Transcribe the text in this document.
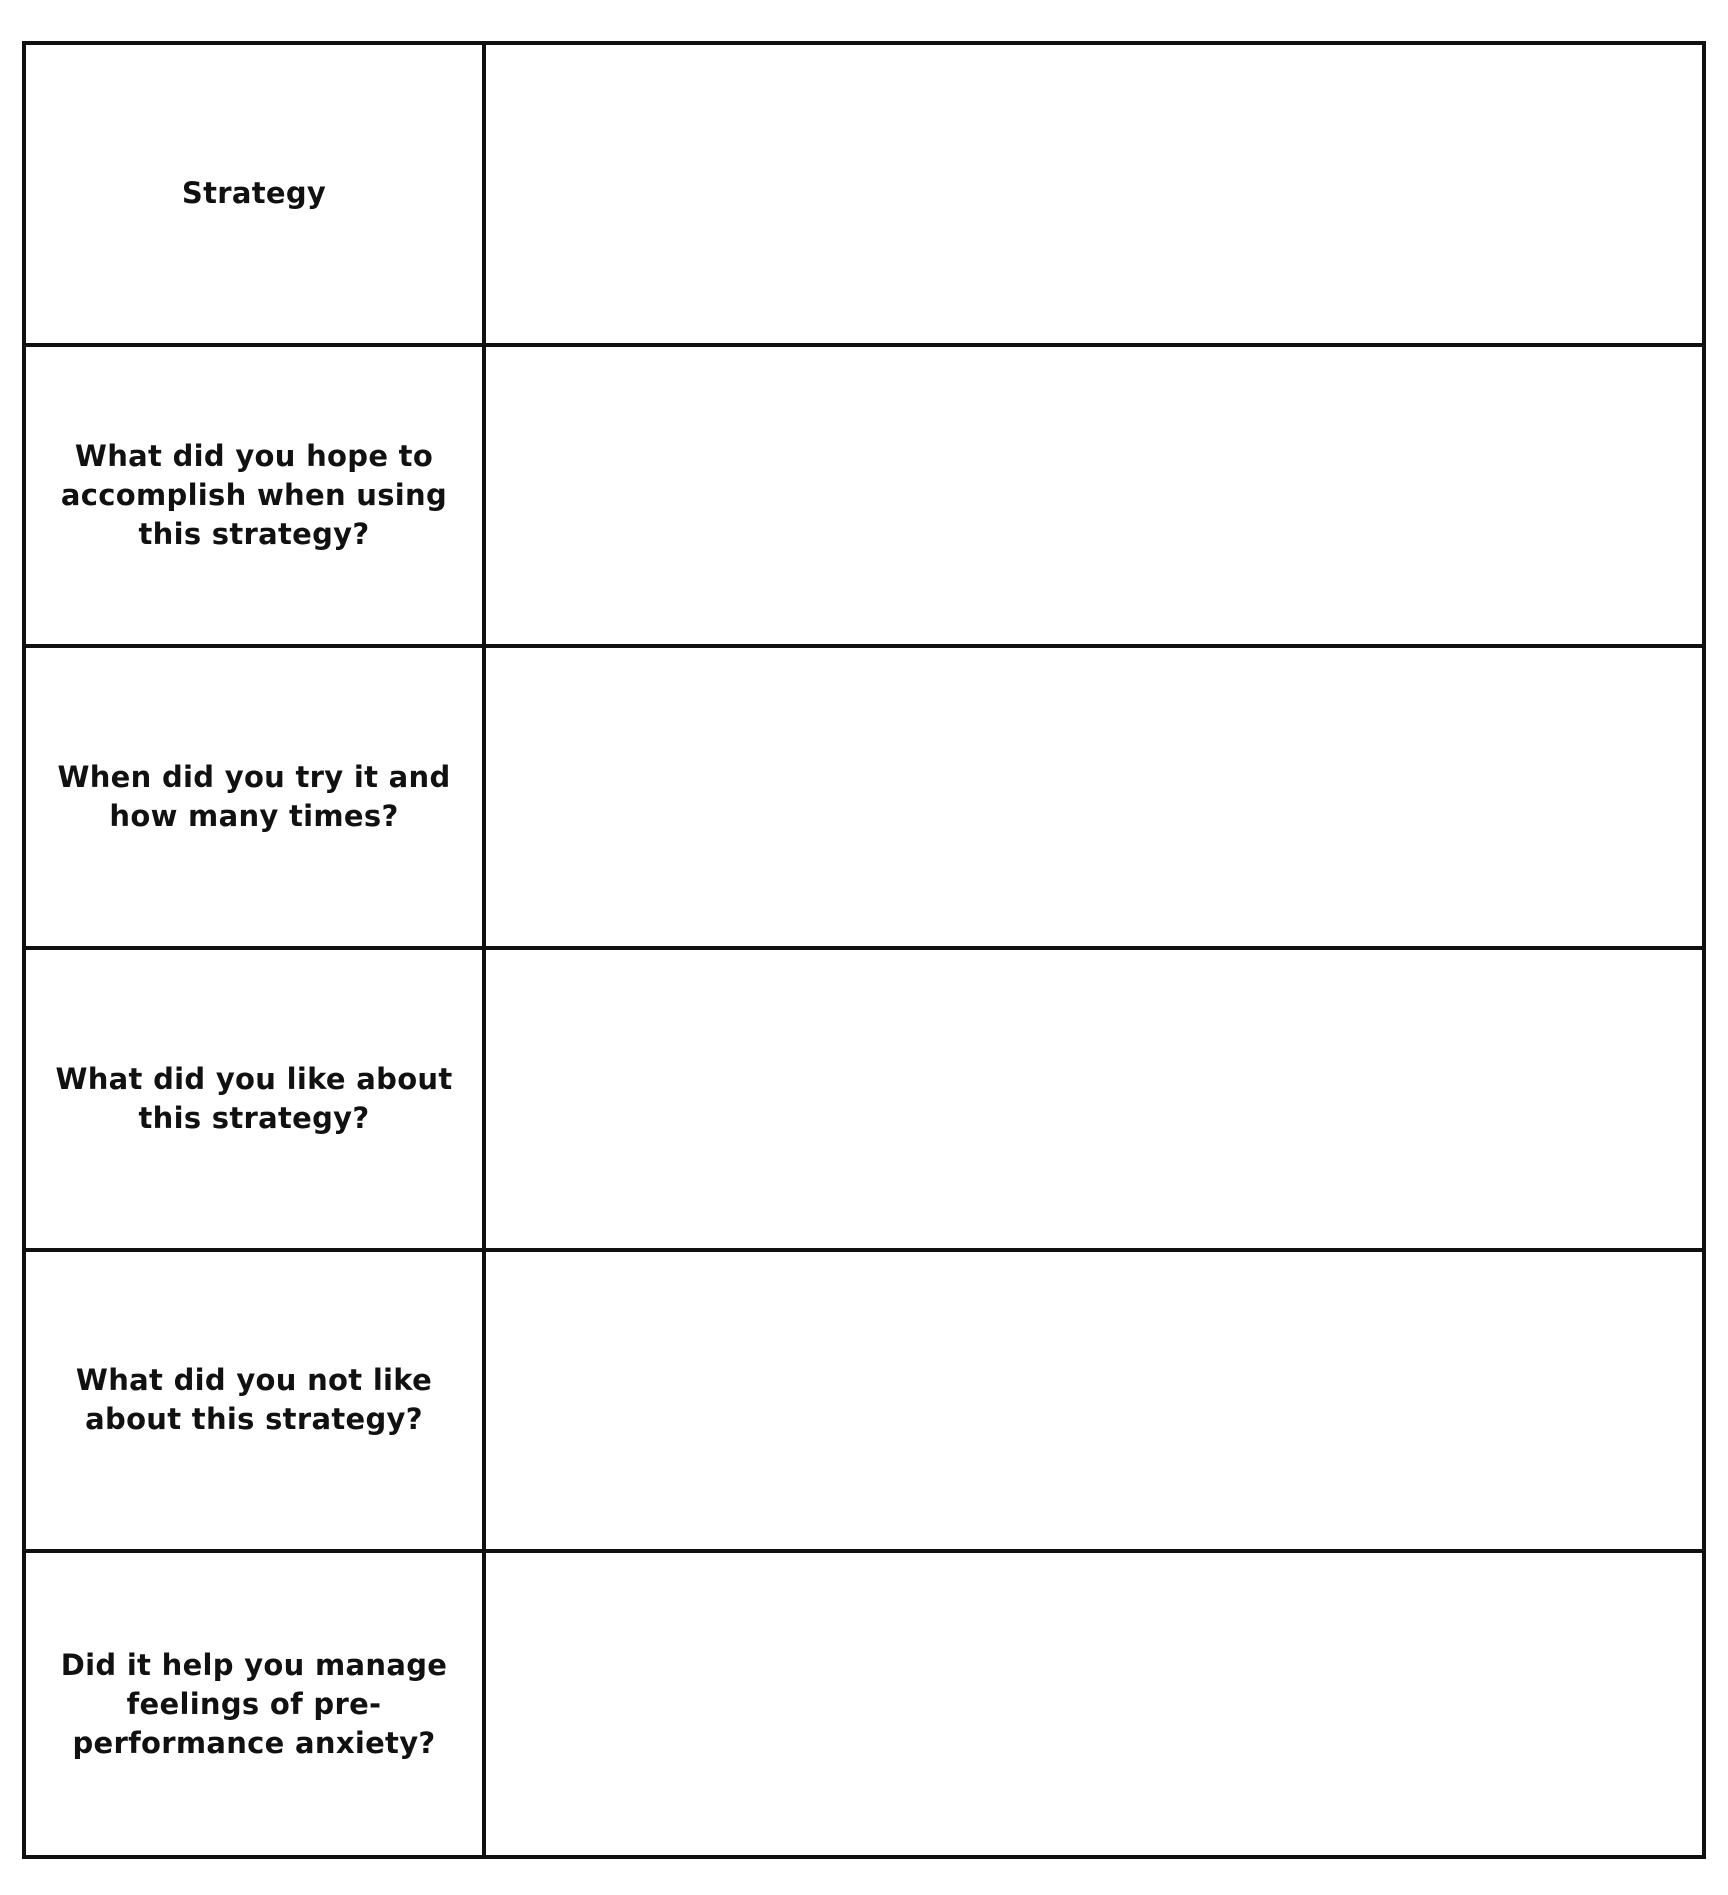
Strategy
What did you hope to accomplish when using this strategy?
When did you try it and how many times?
What did you like about this strategy?
What did you not like about this strategy?
Did it help you manage feelings of pre-performance anxiety?
